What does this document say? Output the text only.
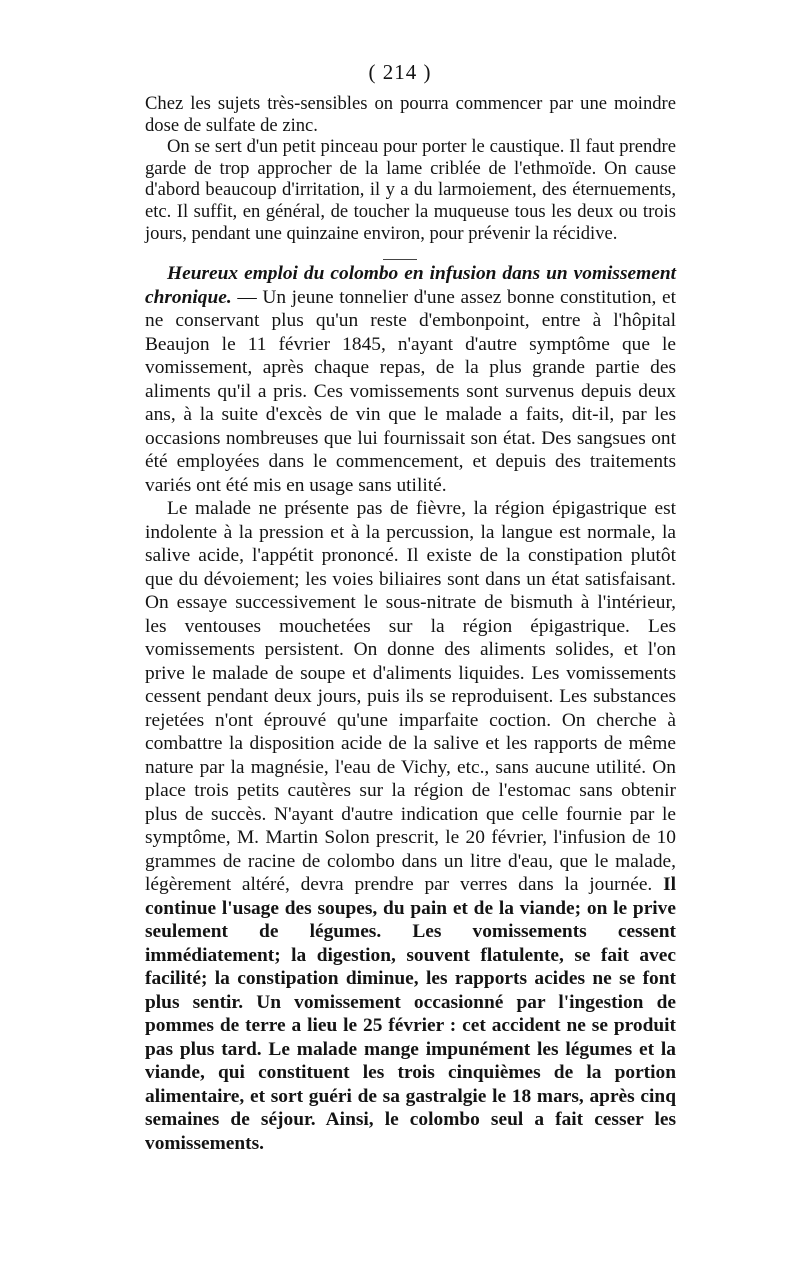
( 214 )

Chez les sujets très-sensibles on pourra commencer par une moindre dose de sulfate de zinc.

On se sert d'un petit pinceau pour porter le caustique. Il faut prendre garde de trop approcher de la lame criblée de l'ethmoïde. On cause d'abord beaucoup d'irritation, il y a du larmoiement, des éternuements, etc. Il suffit, en général, de toucher la muqueuse tous les deux ou trois jours, pendant une quinzaine environ, pour prévenir la récidive.

Heureux emploi du colombo en infusion dans un vomissement chronique. — Un jeune tonnelier d'une assez bonne constitution, et ne conservant plus qu'un reste d'embonpoint, entre à l'hôpital Beaujon le 11 février 1845, n'ayant d'autre symptôme que le vomissement, après chaque repas, de la plus grande partie des aliments qu'il a pris. Ces vomissements sont survenus depuis deux ans, à la suite d'excès de vin que le malade a faits, dit-il, par les occasions nombreuses que lui fournissait son état. Des sangsues ont été employées dans le commencement, et depuis des traitements variés ont été mis en usage sans utilité.

Le malade ne présente pas de fièvre, la région épigastrique est indolente à la pression et à la percussion, la langue est normale, la salive acide, l'appétit prononcé. Il existe de la constipation plutôt que du dévoiement; les voies biliaires sont dans un état satisfaisant. On essaye successivement le sous-nitrate de bismuth à l'intérieur, les ventouses mouchetées sur la région épigastrique. Les vomissements persistent. On donne des aliments solides, et l'on prive le malade de soupe et d'aliments liquides. Les vomissements cessent pendant deux jours, puis ils se reproduisent. Les substances rejetées n'ont éprouvé qu'une imparfaite coction. On cherche à combattre la disposition acide de la salive et les rapports de même nature par la magnésie, l'eau de Vichy, etc., sans aucune utilité. On place trois petits cautères sur la région de l'estomac sans obtenir plus de succès. N'ayant d'autre indication que celle fournie par le symptôme, M. Martin Solon prescrit, le 20 février, l'infusion de 10 grammes de racine de colombo dans un litre d'eau, que le malade, légèrement altéré, devra prendre par verres dans la journée. Il continue l'usage des soupes, du pain et de la viande; on le prive seulement de légumes. Les vomissements cessent immédiatement; la digestion, souvent flatulente, se fait avec facilité; la constipation diminue, les rapports acides ne se font plus sentir. Un vomissement occasionné par l'ingestion de pommes de terre a lieu le 25 février : cet accident ne se produit pas plus tard. Le malade mange impunément les légumes et la viande, qui constituent les trois cinquièmes de la portion alimentaire, et sort guéri de sa gastralgie le 18 mars, après cinq semaines de séjour. Ainsi, le colombo seul a fait cesser les vomissements.
